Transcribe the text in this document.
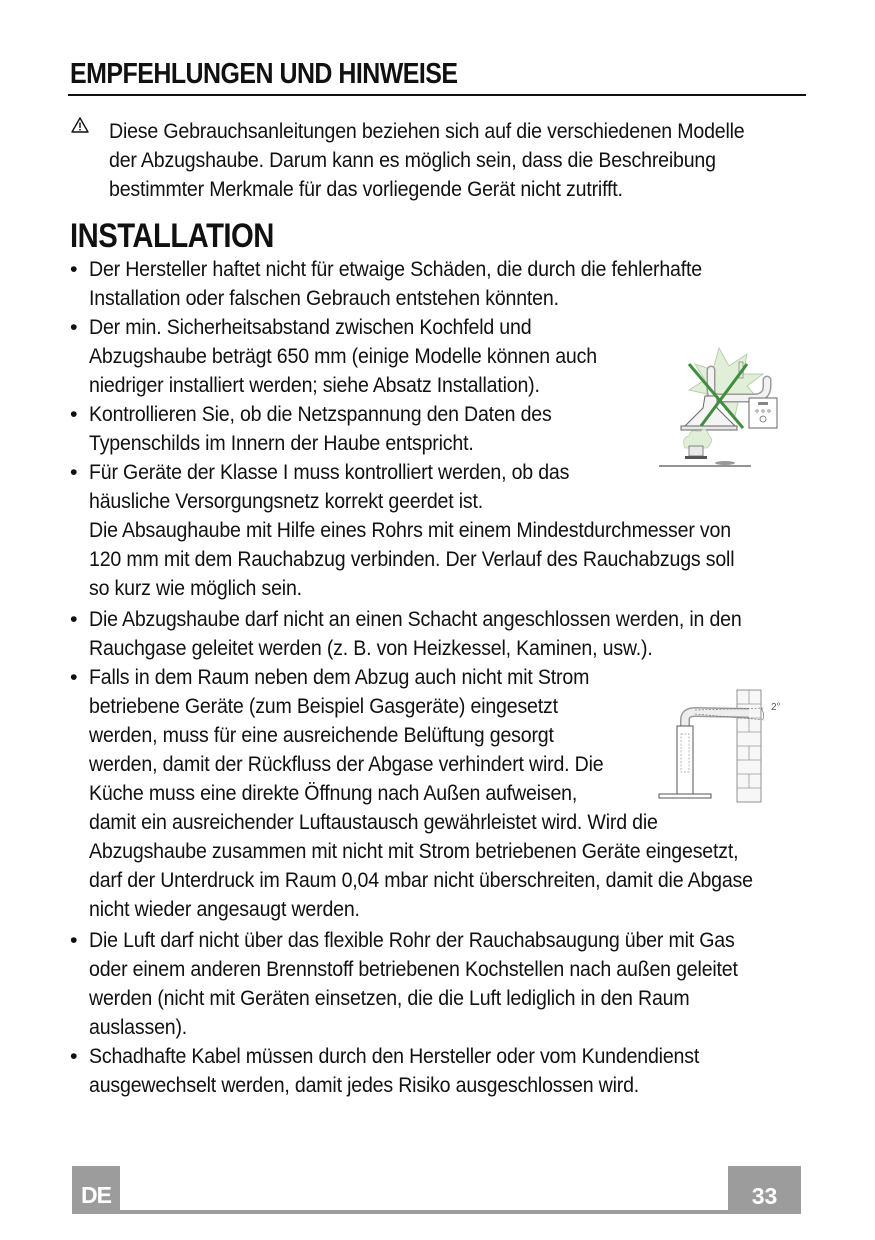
EMPFEHLUNGEN UND HINWEISE
Diese Gebrauchsanleitungen beziehen sich auf die verschiedenen Modelle
der Abzugshaube. Darum kann es möglich sein, dass die Beschreibung
bestimmter Merkmale für das vorliegende Gerät nicht zutrifft.
INSTALLATION
• Der Hersteller haftet nicht für etwaige Schäden, die durch die fehlerhafte
Installation oder falschen Gebrauch entstehen könnten.
• Der min. Sicherheitsabstand zwischen Kochfeld und
Abzugshaube beträgt 650 mm (einige Modelle können auch
niedriger installiert werden; siehe Absatz Installation).
• Kontrollieren Sie, ob die Netzspannung den Daten des
Typenschilds im Innern der Haube entspricht.
• Für Geräte der Klasse I muss kontrolliert werden, ob das
häusliche Versorgungsnetz korrekt geerdet ist.
Die Absaughaube mit Hilfe eines Rohrs mit einem Mindestdurchmesser von
120 mm mit dem Rauchabzug verbinden. Der Verlauf des Rauchabzugs soll
so kurz wie möglich sein.
• Die Abzugshaube darf nicht an einen Schacht angeschlossen werden, in den
Rauchgase geleitet werden (z. B. von Heizkessel, Kaminen, usw.).
• Falls in dem Raum neben dem Abzug auch nicht mit Strom
betriebene Geräte (zum Beispiel Gasgeräte) eingesetzt
werden, muss für eine ausreichende Belüftung gesorgt
werden, damit der Rückfluss der Abgase verhindert wird. Die
Küche muss eine direkte Öffnung nach Außen aufweisen,
damit ein ausreichender Luftaustausch gewährleistet wird. Wird die
Abzugshaube zusammen mit nicht mit Strom betriebenen Geräte eingesetzt,
darf der Unterdruck im Raum 0,04 mbar nicht überschreiten, damit die Abgase
nicht wieder angesaugt werden.
• Die Luft darf nicht über das flexible Rohr der Rauchabsaugung über mit Gas
oder einem anderen Brennstoff betriebenen Kochstellen nach außen geleitet
werden (nicht mit Geräten einsetzen, die die Luft lediglich in den Raum
auslassen).
• Schadhafte Kabel müssen durch den Hersteller oder vom Kundendienst
ausgewechselt werden, damit jedes Risiko ausgeschlossen wird.
2°
DE	33
